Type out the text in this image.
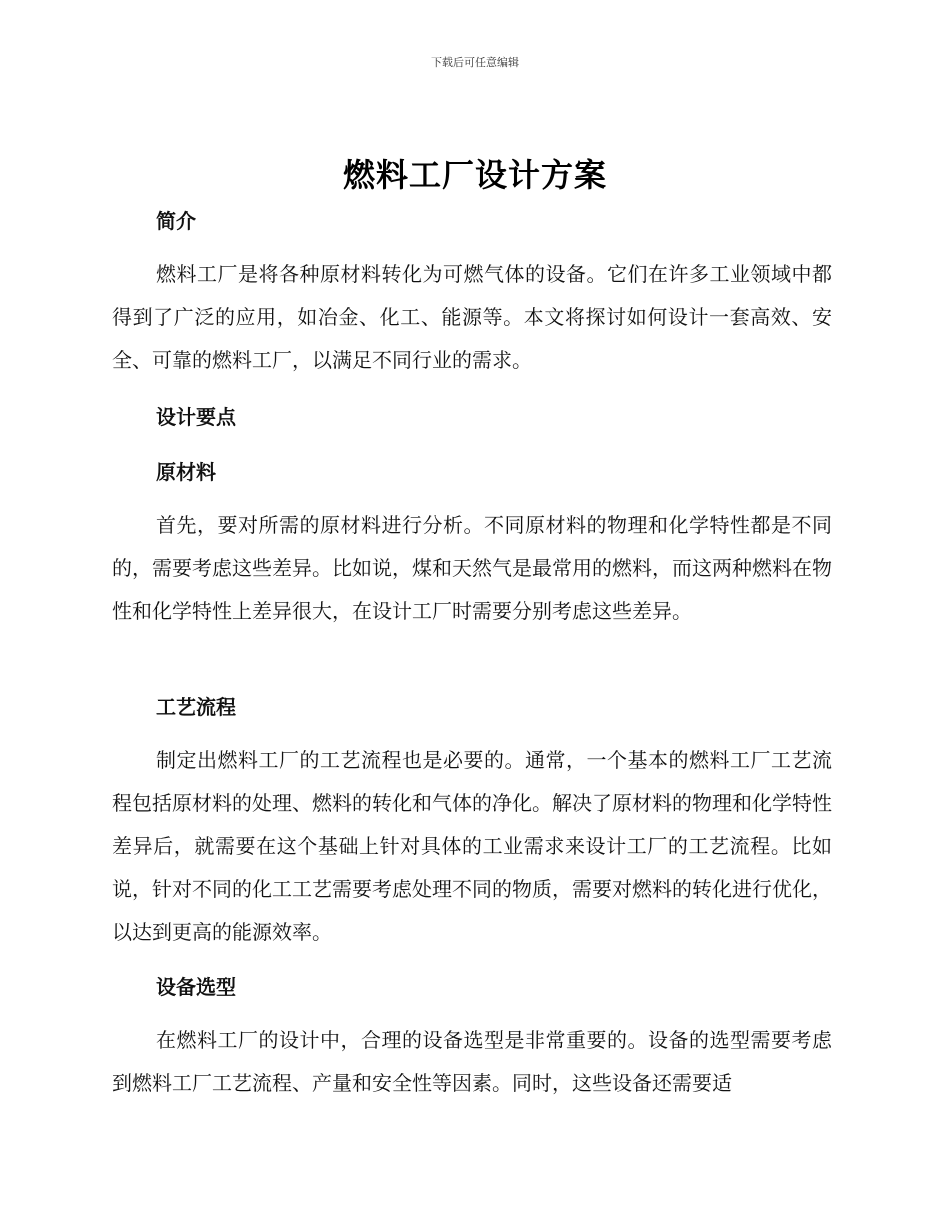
下载后可任意编辑
燃料工厂设计方案
简介

燃料工厂是将各种原材料转化为可燃气体的设备。它们在许多工业领域中都得到了广泛的应用，如冶金、化工、能源等。本文将探讨如何设计一套高效、安全、可靠的燃料工厂，以满足不同行业的需求。

设计要点
原材料

首先，要对所需的原材料进行分析。不同原材料的物理和化学特性都是不同的，需要考虑这些差异。比如说，煤和天然气是最常用的燃料，而这两种燃料在物性和化学特性上差异很大，在设计工厂时需要分别考虑这些差异。

工艺流程

制定出燃料工厂的工艺流程也是必要的。通常，一个基本的燃料工厂工艺流程包括原材料的处理、燃料的转化和气体的净化。解决了原材料的物理和化学特性差异后，就需要在这个基础上针对具体的工业需求来设计工厂的工艺流程。比如说，针对不同的化工工艺需要考虑处理不同的物质，需要对燃料的转化进行优化，以达到更高的能源效率。

设备选型

在燃料工厂的设计中，合理的设备选型是非常重要的。设备的选型需要考虑到燃料工厂工艺流程、产量和安全性等因素。同时，这些设备还需要适
